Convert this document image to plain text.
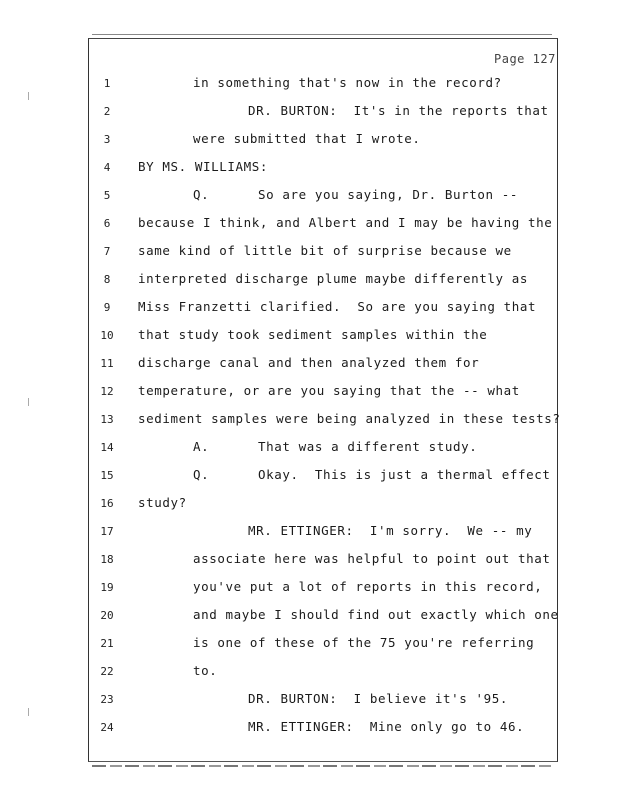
Page 127

1

	in something that's now in the record?

2

	DR. BURTON:  It's in the reports that

3

	were submitted that I wrote.

4

	BY MS. WILLIAMS:

5

	Q.      So are you saying, Dr. Burton --

6

	because I think, and Albert and I may be having the

7

	same kind of little bit of surprise because we

8

	interpreted discharge plume maybe differently as

9

	Miss Franzetti clarified.  So are you saying that

10

	that study took sediment samples within the

11

	discharge canal and then analyzed them for

12

	temperature, or are you saying that the -- what

13

	sediment samples were being analyzed in these tests?

14

	A.      That was a different study.

15

	Q.      Okay.  This is just a thermal effect

16

	study?

17

	MR. ETTINGER:  I'm sorry.  We -- my

18

	associate here was helpful to point out that

19

	you've put a lot of reports in this record,

20

	and maybe I should find out exactly which one

21

	is one of these of the 75 you're referring

22

	to.

23

	DR. BURTON:  I believe it's '95.

24

	MR. ETTINGER:  Mine only go to 46.
